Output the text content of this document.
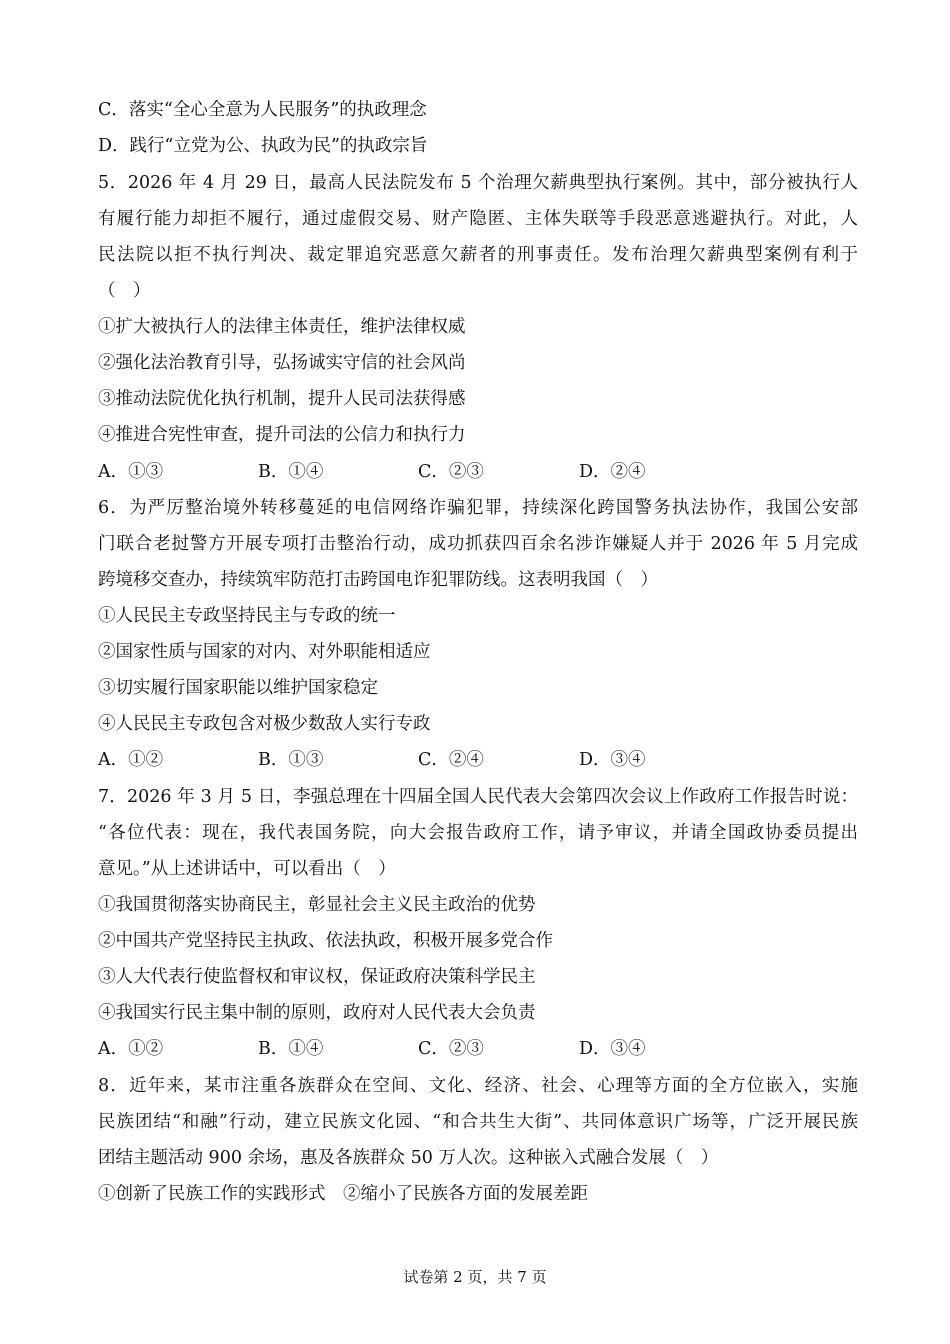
C．落实“全心全意为人民服务”的执政理念
D．践行“立党为公、执政为民”的执政宗旨
5．2026 年 4 月 29 日，最高人民法院发布 5 个治理欠薪典型执行案例。其中，部分被执行人
有履行能力却拒不履行，通过虚假交易、财产隐匿、主体失联等手段恶意逃避执行。对此，人
民法院以拒不执行判决、裁定罪追究恶意欠薪者的刑事责任。发布治理欠薪典型案例有利于
（　）
①扩大被执行人的法律主体责任，维护法律权威
②强化法治教育引导，弘扬诚实守信的社会风尚
③推动法院优化执行机制，提升人民司法获得感
④推进合宪性审查，提升司法的公信力和执行力
A．①③	B．①④	C．②③	D．②④
6．为严厉整治境外转移蔓延的电信网络诈骗犯罪，持续深化跨国警务执法协作，我国公安部
门联合老挝警方开展专项打击整治行动，成功抓获四百余名涉诈嫌疑人并于 2026 年 5 月完成
跨境移交查办，持续筑牢防范打击跨国电诈犯罪防线。这表明我国（　）
①人民民主专政坚持民主与专政的统一
②国家性质与国家的对内、对外职能相适应
③切实履行国家职能以维护国家稳定
④人民民主专政包含对极少数敌人实行专政
A．①②	B．①③	C．②④	D．③④
7．2026 年 3 月 5 日，李强总理在十四届全国人民代表大会第四次会议上作政府工作报告时说：
“各位代表：现在，我代表国务院，向大会报告政府工作，请予审议，并请全国政协委员提出
意见。”从上述讲话中，可以看出（　）
①我国贯彻落实协商民主，彰显社会主义民主政治的优势
②中国共产党坚持民主执政、依法执政，积极开展多党合作
③人大代表行使监督权和审议权，保证政府决策科学民主
④我国实行民主集中制的原则，政府对人民代表大会负责
A．①②	B．①④	C．②③	D．③④
8．近年来，某市注重各族群众在空间、文化、经济、社会、心理等方面的全方位嵌入，实施
民族团结“和融”行动，建立民族文化园、“和合共生大街”、共同体意识广场等，广泛开展民族
团结主题活动 900 余场，惠及各族群众 50 万人次。这种嵌入式融合发展（　）
①创新了民族工作的实践形式　②缩小了民族各方面的发展差距
试卷第 2 页，共 7 页
